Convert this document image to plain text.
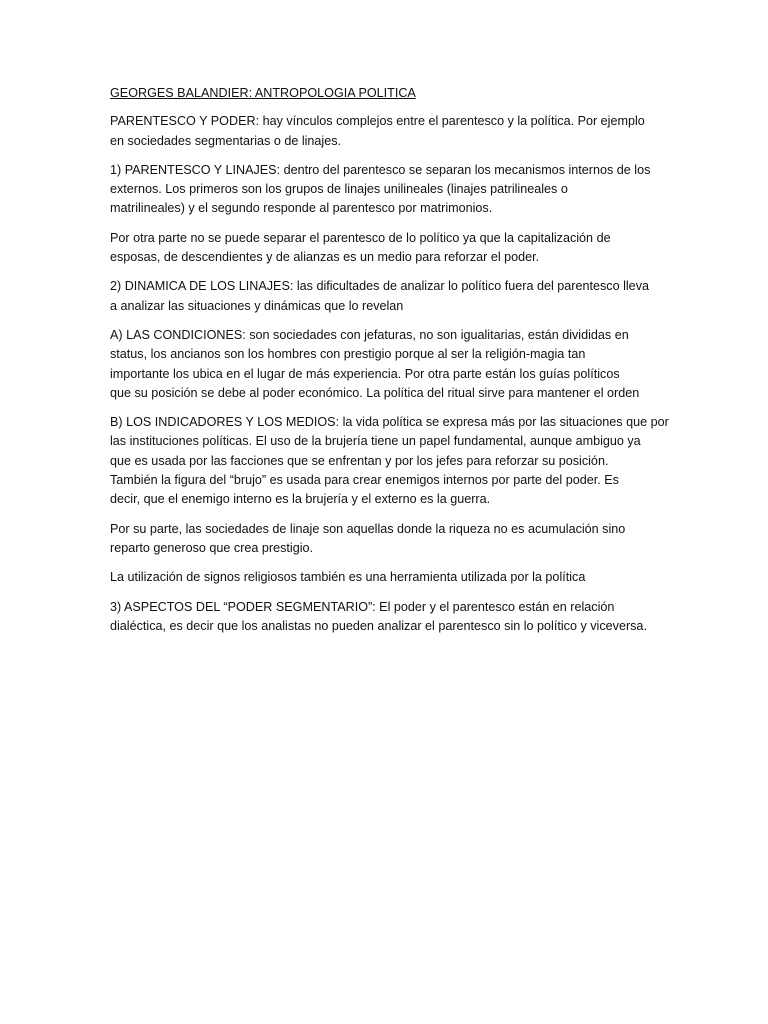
GEORGES BALANDIER: ANTROPOLOGIA POLITICA

PARENTESCO Y PODER: hay vínculos complejos entre el parentesco y la política. Por ejemplo
en sociedades segmentarias o de linajes.

1) PARENTESCO Y LINAJES: dentro del parentesco se separan los mecanismos internos de los
externos. Los primeros son los grupos de linajes unilineales (linajes patrilineales o
matrilineales) y el segundo responde al parentesco por matrimonios.

Por otra parte no se puede separar el parentesco de lo político ya que la capitalización de
esposas, de descendientes y de alianzas es un medio para reforzar el poder.

2) DINAMICA DE LOS LINAJES: las dificultades de analizar lo político fuera del parentesco lleva
a analizar las situaciones y dinámicas que lo revelan

A) LAS CONDICIONES: son sociedades con jefaturas, no son igualitarias, están divididas en
status, los ancianos son los hombres con prestigio porque al ser la religión-magia tan
importante los ubica en el lugar de más experiencia. Por otra parte están los guías políticos
que su posición se debe al poder económico. La política del ritual sirve para mantener el orden

B) LOS INDICADORES Y LOS MEDIOS: la vida política se expresa más por las situaciones que por
las instituciones políticas. El uso de la brujería tiene un papel fundamental, aunque ambiguo ya
que es usada por las facciones que se enfrentan y por los jefes para reforzar su posición.
También la figura del “brujo” es usada para crear enemigos internos por parte del poder. Es
decir, que el enemigo interno es la brujería y el externo es la guerra.

Por su parte, las sociedades de linaje son aquellas donde la riqueza no es acumulación sino
reparto generoso que crea prestigio.

La utilización de signos religiosos también es una herramienta utilizada por la política

3) ASPECTOS DEL “PODER SEGMENTARIO”: El poder y el parentesco están en relación
dialéctica, es decir que los analistas no pueden analizar el parentesco sin lo político y viceversa.
